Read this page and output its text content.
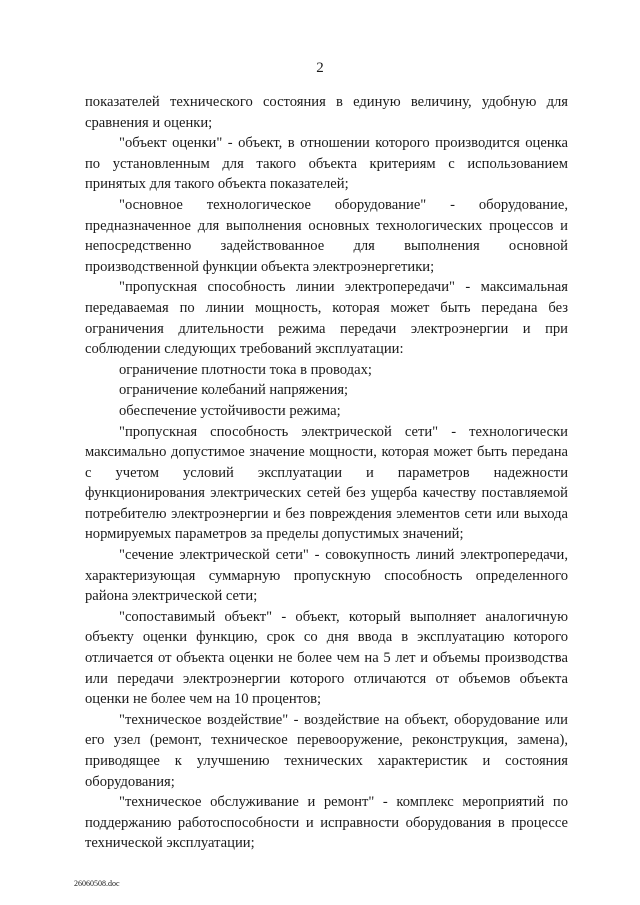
2

показателей технического состояния в единую величину, удобную для сравнения и оценки;

"объект оценки" - объект, в отношении которого производится оценка по установленным для такого объекта критериям с использованием принятых для такого объекта показателей;

"основное технологическое оборудование" - оборудование, предназначенное для выполнения основных технологических процессов и непосредственно задействованное для выполнения основной производственной функции объекта электроэнергетики;

"пропускная способность линии электропередачи" - максимальная передаваемая по линии мощность, которая может быть передана без ограничения длительности режима передачи электроэнергии и при соблюдении следующих требований эксплуатации:

ограничение плотности тока в проводах;

ограничение колебаний напряжения;

обеспечение устойчивости режима;

"пропускная способность электрической сети" - технологически максимально допустимое значение мощности, которая может быть передана с учетом условий эксплуатации и параметров надежности функционирования электрических сетей без ущерба качеству поставляемой потребителю электроэнергии и без повреждения элементов сети или выхода нормируемых параметров за пределы допустимых значений;

"сечение электрической сети" - совокупность линий электропередачи, характеризующая суммарную пропускную способность определенного района электрической сети;

"сопоставимый объект" - объект, который выполняет аналогичную объекту оценки функцию, срок со дня ввода в эксплуатацию которого отличается от объекта оценки не более чем на 5 лет и объемы производства или передачи электроэнергии которого отличаются от объемов объекта оценки не более чем на 10 процентов;

"техническое воздействие" - воздействие на объект, оборудование или его узел (ремонт, техническое перевооружение, реконструкция, замена), приводящее к улучшению технических характеристик и состояния оборудования;

"техническое обслуживание и ремонт" - комплекс мероприятий по поддержанию работоспособности и исправности оборудования в процессе технической эксплуатации;

26060508.doc
